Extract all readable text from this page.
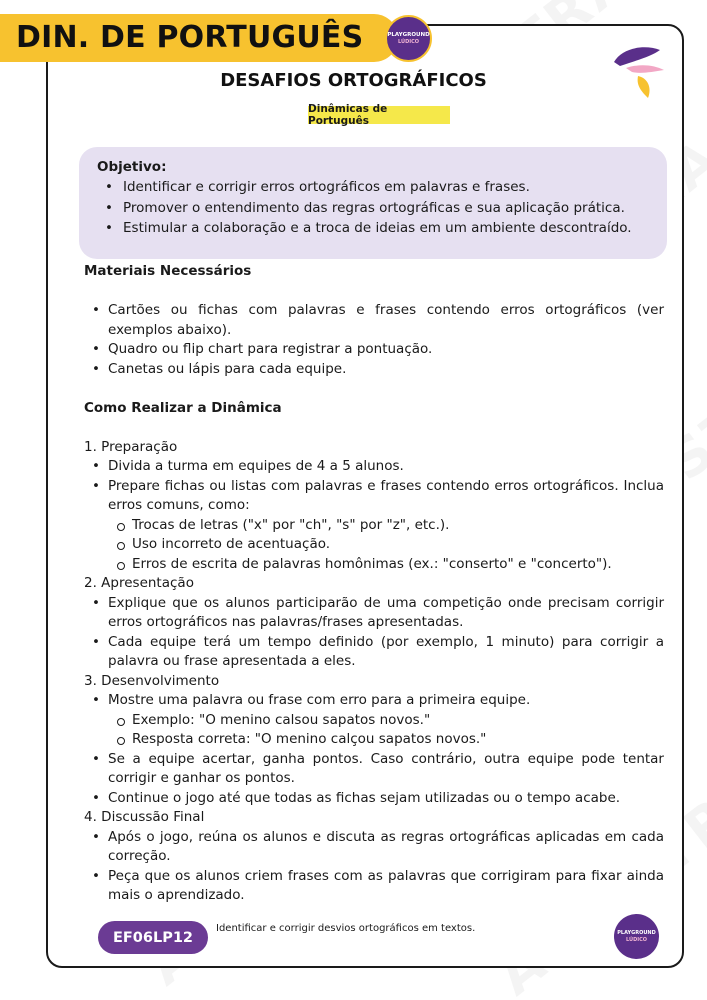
DIN. DE PORTUGUÊS	PLAYGROUND
LÚDICO
DESAFIOS ORTOGRÁFICOS
Dinâmicas de Português
Objetivo:
• Identificar e corrigir erros ortográficos em palavras e frases.
• Promover o entendimento das regras ortográficas e sua aplicação prática.
• Estimular a colaboração e a troca de ideias em um ambiente descontraído.
Materiais Necessários
• Cartões ou fichas com palavras e frases contendo erros ortográficos (ver exemplos abaixo).
• Quadro ou flip chart para registrar a pontuação.
• Canetas ou lápis para cada equipe.
Como Realizar a Dinâmica
1. Preparação
• Divida a turma em equipes de 4 a 5 alunos.
• Prepare fichas ou listas com palavras e frases contendo erros ortográficos. Inclua erros comuns, como:
Trocas de letras ("x" por "ch", "s" por "z", etc.).
Uso incorreto de acentuação.
Erros de escrita de palavras homônimas (ex.: "conserto" e "concerto").
2. Apresentação
• Explique que os alunos participarão de uma competição onde precisam corrigir erros ortográficos nas palavras/frases apresentadas.
• Cada equipe terá um tempo definido (por exemplo, 1 minuto) para corrigir a palavra ou frase apresentada a eles.
3. Desenvolvimento
• Mostre uma palavra ou frase com erro para a primeira equipe.
Exemplo: "O menino calsou sapatos novos."
Resposta correta: "O menino calçou sapatos novos."
• Se a equipe acertar, ganha pontos. Caso contrário, outra equipe pode tentar corrigir e ganhar os pontos.
• Continue o jogo até que todas as fichas sejam utilizadas ou o tempo acabe.
4. Discussão Final
• Após o jogo, reúna os alunos e discuta as regras ortográficas aplicadas em cada correção.
• Peça que os alunos criem frases com as palavras que corrigiram para fixar ainda mais o aprendizado.
EF06LP12
Identificar e corrigir desvios ortográficos em textos.	PLAYGROUND
LÚDICO
